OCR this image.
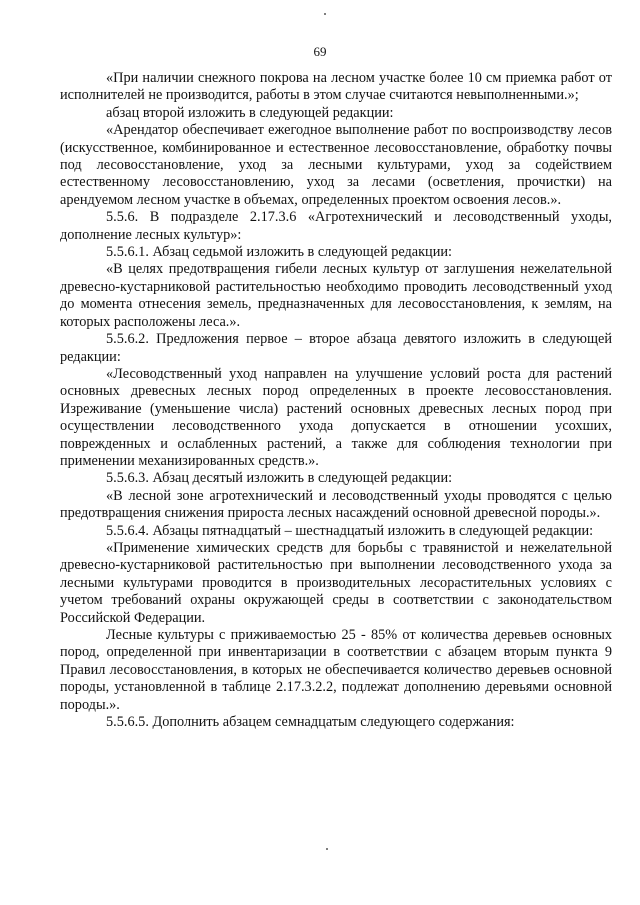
69

«При наличии снежного покрова на лесном участке более 10 см приемка работ от исполнителей не производится, работы в этом случае считаются невыполненными.»;

абзац второй изложить в следующей редакции:

«Арендатор обеспечивает ежегодное выполнение работ по воспроизводству лесов (искусственное, комбинированное и естественное лесовосстановление, обработку почвы под лесовосстановление, уход за лесными культурами, уход за содействием естественному лесовосстановлению, уход за лесами (осветления, прочистки) на арендуемом лесном участке в объемах, определенных проектом освоения лесов.».

5.5.6. В подразделе 2.17.3.6 «Агротехнический и лесоводственный уходы, дополнение лесных культур»:

5.5.6.1. Абзац седьмой изложить в следующей редакции:

«В целях предотвращения гибели лесных культур от заглушения нежелательной древесно-кустарниковой растительностью необходимо проводить лесоводственный уход до момента отнесения земель, предназначенных для лесовосстановления, к землям, на которых расположены леса.».

5.5.6.2. Предложения первое – второе абзаца девятого изложить в следующей редакции:

«Лесоводственный уход направлен на улучшение условий роста для растений основных древесных лесных пород определенных в проекте лесовосстановления. Изреживание (уменьшение числа) растений основных древесных лесных пород при осуществлении лесоводственного ухода допускается в отношении усохших, поврежденных и ослабленных растений, а также для соблюдения технологии при применении механизированных средств.».

5.5.6.3. Абзац десятый изложить в следующей редакции:

«В лесной зоне агротехнический и лесоводственный уходы проводятся с целью предотвращения снижения прироста лесных насаждений основной древесной породы.».

5.5.6.4. Абзацы пятнадцатый – шестнадцатый изложить в следующей редакции:

«Применение химических средств для борьбы с травянистой и нежелательной древесно-кустарниковой растительностью при выполнении лесоводственного ухода за лесными культурами проводится в производительных лесорастительных условиях с учетом требований охраны окружающей среды в соответствии с законодательством Российской Федерации.

Лесные культуры с приживаемостью 25 - 85% от количества деревьев основных пород, определенной при инвентаризации в соответствии с абзацем вторым пункта 9 Правил лесовосстановления, в которых не обеспечивается количество деревьев основной породы, установленной в таблице 2.17.3.2.2, подлежат дополнению деревьями основной породы.».

5.5.6.5. Дополнить абзацем семнадцатым следующего содержания:
